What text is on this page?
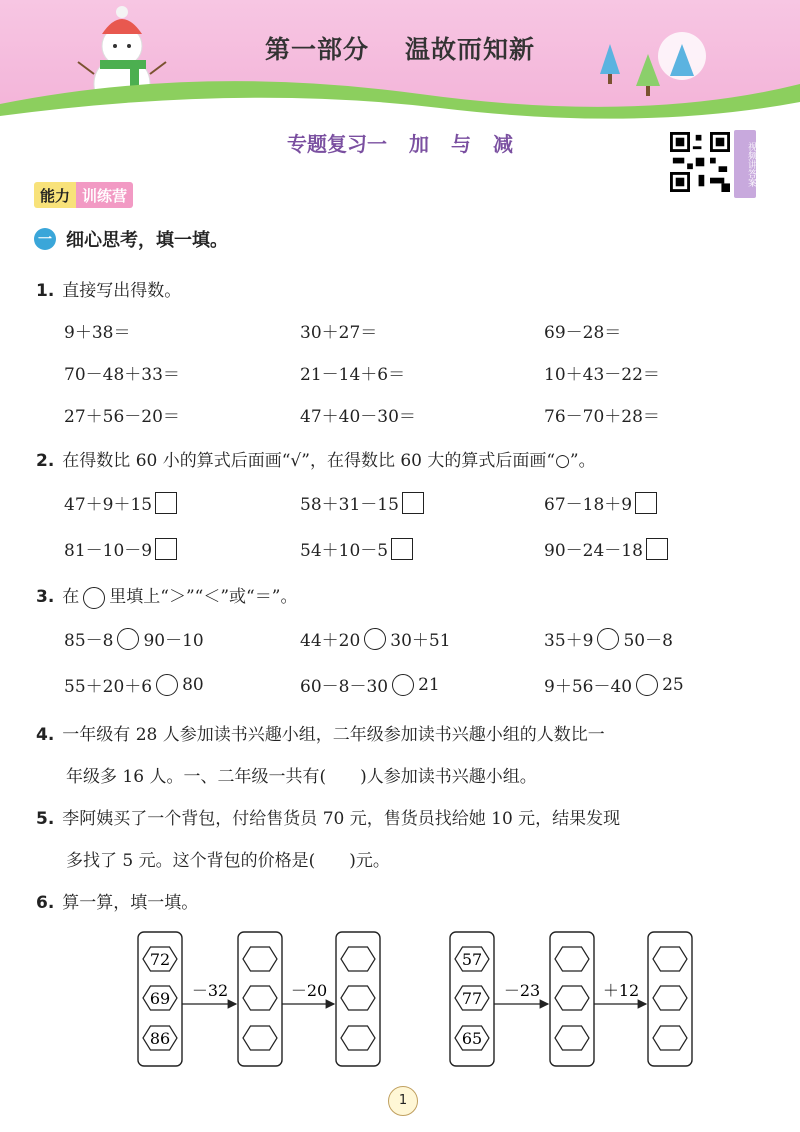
第一部分 温故而知新
专题复习一 加 与 减	视频讲答案
能力 训练营
一 细心思考，填一填。
1. 直接写出得数。
9＋38＝	30＋27＝	69－28＝
70－48＋33＝	21－14＋6＝	10＋43－22＝
27＋56－20＝	47＋40－30＝	76－70＋28＝
2. 在得数比 60 小的算式后面画“√”，在得数比 60 大的算式后面画“○”。
47＋9＋15	58＋31－15	67－18＋9
81－10－9	54＋10－5	90－24－18
3. 在 里填上“＞”“＜”或“＝”。
85－8 90－10	44＋20 30＋51	35＋9 50－8
55＋20＋6 80	60－8－30 21	9＋56－40 25
4. 一年级有 28 人参加读书兴趣小组，二年级参加读书兴趣小组的人数比一
年级多 16 人。一、二年级一共有(　　)人参加读书兴趣小组。
5. 李阿姨买了一个背包，付给售货员 70 元，售货员找给她 10 元，结果发现
多找了 5 元。这个背包的价格是(　　)元。
6. 算一算，填一填。
72
69
86
－32	－20
57
77
65
－23	＋12
1
